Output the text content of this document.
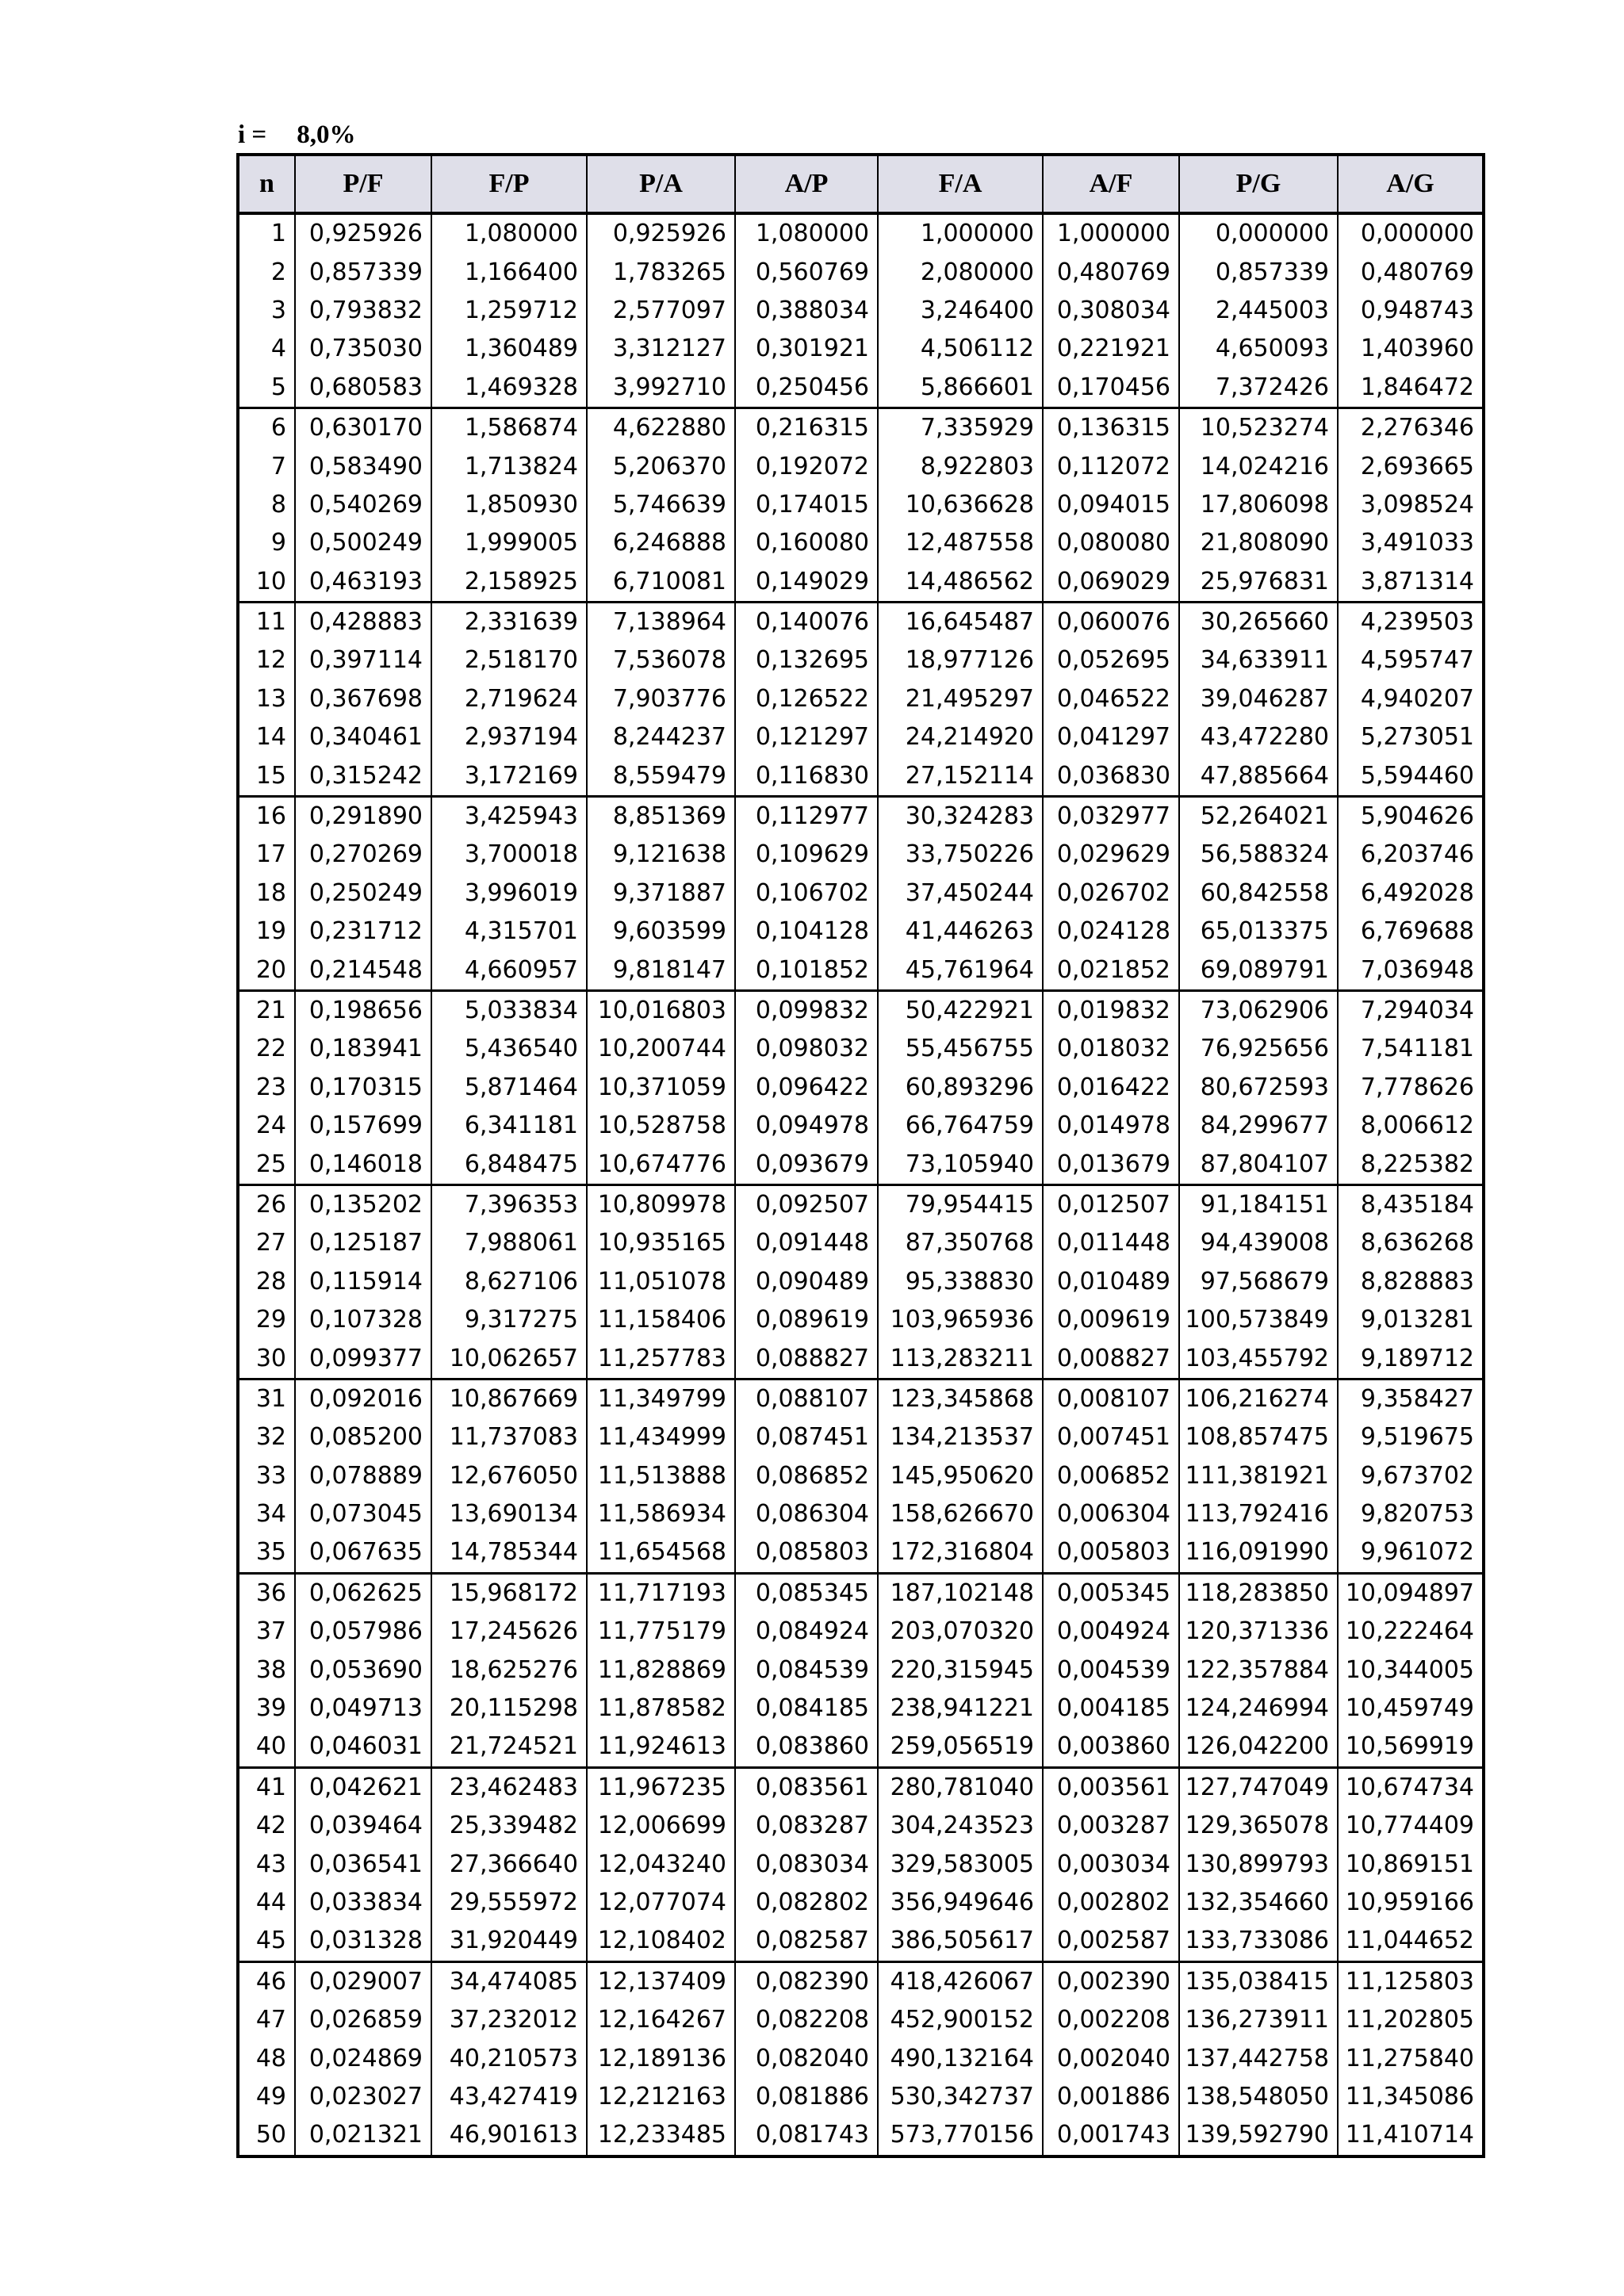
i = 8,0%
n	P/F	F/P	P/A	A/P	F/A	A/F	P/G	A/G
1	0,925926	1,080000	0,925926	1,080000	1,000000	1,000000	0,000000	0,000000
2	0,857339	1,166400	1,783265	0,560769	2,080000	0,480769	0,857339	0,480769
3	0,793832	1,259712	2,577097	0,388034	3,246400	0,308034	2,445003	0,948743
4	0,735030	1,360489	3,312127	0,301921	4,506112	0,221921	4,650093	1,403960
5	0,680583	1,469328	3,992710	0,250456	5,866601	0,170456	7,372426	1,846472
6	0,630170	1,586874	4,622880	0,216315	7,335929	0,136315	10,523274	2,276346
7	0,583490	1,713824	5,206370	0,192072	8,922803	0,112072	14,024216	2,693665
8	0,540269	1,850930	5,746639	0,174015	10,636628	0,094015	17,806098	3,098524
9	0,500249	1,999005	6,246888	0,160080	12,487558	0,080080	21,808090	3,491033
10	0,463193	2,158925	6,710081	0,149029	14,486562	0,069029	25,976831	3,871314
11	0,428883	2,331639	7,138964	0,140076	16,645487	0,060076	30,265660	4,239503
12	0,397114	2,518170	7,536078	0,132695	18,977126	0,052695	34,633911	4,595747
13	0,367698	2,719624	7,903776	0,126522	21,495297	0,046522	39,046287	4,940207
14	0,340461	2,937194	8,244237	0,121297	24,214920	0,041297	43,472280	5,273051
15	0,315242	3,172169	8,559479	0,116830	27,152114	0,036830	47,885664	5,594460
16	0,291890	3,425943	8,851369	0,112977	30,324283	0,032977	52,264021	5,904626
17	0,270269	3,700018	9,121638	0,109629	33,750226	0,029629	56,588324	6,203746
18	0,250249	3,996019	9,371887	0,106702	37,450244	0,026702	60,842558	6,492028
19	0,231712	4,315701	9,603599	0,104128	41,446263	0,024128	65,013375	6,769688
20	0,214548	4,660957	9,818147	0,101852	45,761964	0,021852	69,089791	7,036948
21	0,198656	5,033834	10,016803	0,099832	50,422921	0,019832	73,062906	7,294034
22	0,183941	5,436540	10,200744	0,098032	55,456755	0,018032	76,925656	7,541181
23	0,170315	5,871464	10,371059	0,096422	60,893296	0,016422	80,672593	7,778626
24	0,157699	6,341181	10,528758	0,094978	66,764759	0,014978	84,299677	8,006612
25	0,146018	6,848475	10,674776	0,093679	73,105940	0,013679	87,804107	8,225382
26	0,135202	7,396353	10,809978	0,092507	79,954415	0,012507	91,184151	8,435184
27	0,125187	7,988061	10,935165	0,091448	87,350768	0,011448	94,439008	8,636268
28	0,115914	8,627106	11,051078	0,090489	95,338830	0,010489	97,568679	8,828883
29	0,107328	9,317275	11,158406	0,089619	103,965936	0,009619	100,573849	9,013281
30	0,099377	10,062657	11,257783	0,088827	113,283211	0,008827	103,455792	9,189712
31	0,092016	10,867669	11,349799	0,088107	123,345868	0,008107	106,216274	9,358427
32	0,085200	11,737083	11,434999	0,087451	134,213537	0,007451	108,857475	9,519675
33	0,078889	12,676050	11,513888	0,086852	145,950620	0,006852	111,381921	9,673702
34	0,073045	13,690134	11,586934	0,086304	158,626670	0,006304	113,792416	9,820753
35	0,067635	14,785344	11,654568	0,085803	172,316804	0,005803	116,091990	9,961072
36	0,062625	15,968172	11,717193	0,085345	187,102148	0,005345	118,283850	10,094897
37	0,057986	17,245626	11,775179	0,084924	203,070320	0,004924	120,371336	10,222464
38	0,053690	18,625276	11,828869	0,084539	220,315945	0,004539	122,357884	10,344005
39	0,049713	20,115298	11,878582	0,084185	238,941221	0,004185	124,246994	10,459749
40	0,046031	21,724521	11,924613	0,083860	259,056519	0,003860	126,042200	10,569919
41	0,042621	23,462483	11,967235	0,083561	280,781040	0,003561	127,747049	10,674734
42	0,039464	25,339482	12,006699	0,083287	304,243523	0,003287	129,365078	10,774409
43	0,036541	27,366640	12,043240	0,083034	329,583005	0,003034	130,899793	10,869151
44	0,033834	29,555972	12,077074	0,082802	356,949646	0,002802	132,354660	10,959166
45	0,031328	31,920449	12,108402	0,082587	386,505617	0,002587	133,733086	11,044652
46	0,029007	34,474085	12,137409	0,082390	418,426067	0,002390	135,038415	11,125803
47	0,026859	37,232012	12,164267	0,082208	452,900152	0,002208	136,273911	11,202805
48	0,024869	40,210573	12,189136	0,082040	490,132164	0,002040	137,442758	11,275840
49	0,023027	43,427419	12,212163	0,081886	530,342737	0,001886	138,548050	11,345086
50	0,021321	46,901613	12,233485	0,081743	573,770156	0,001743	139,592790	11,410714
